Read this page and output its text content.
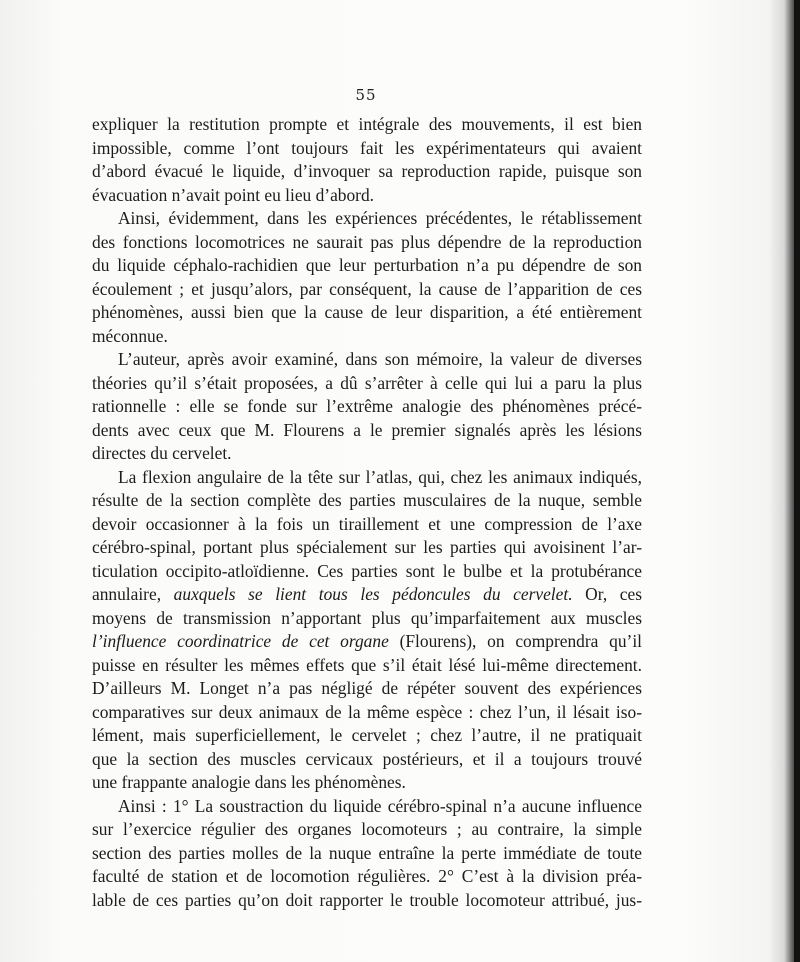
55

expliquer la restitution prompte et intégrale des mouvements, il est bien
impossible, comme l’ont toujours fait les expérimentateurs qui avaient
d’abord évacué le liquide, d’invoquer sa reproduction rapide, puisque son
évacuation n’avait point eu lieu d’abord.

Ainsi, évidemment, dans les expériences précédentes, le rétablissement
des fonctions locomotrices ne saurait pas plus dépendre de la reproduction
du liquide céphalo-rachidien que leur perturbation n’a pu dépendre de son
écoulement ; et jusqu’alors, par conséquent, la cause de l’apparition de ces
phénomènes, aussi bien que la cause de leur disparition, a été entièrement
méconnue.

L’auteur, après avoir examiné, dans son mémoire, la valeur de diverses
théories qu’il s’était proposées, a dû s’arrêter à celle qui lui a paru la plus
rationnelle : elle se fonde sur l’extrême analogie des phénomènes précé-
dents avec ceux que M. Flourens a le premier signalés après les lésions
directes du cervelet.

La flexion angulaire de la tête sur l’atlas, qui, chez les animaux indiqués,
résulte de la section complète des parties musculaires de la nuque, semble
devoir occasionner à la fois un tiraillement et une compression de l’axe
cérébro-spinal, portant plus spécialement sur les parties qui avoisinent l’ar-
ticulation occipito-atloïdienne. Ces parties sont le bulbe et la protubérance
annulaire, auxquels se lient tous les pédoncules du cervelet. Or, ces
moyens de transmission n’apportant plus qu’imparfaitement aux muscles
l’influence coordinatrice de cet organe (Flourens), on comprendra qu’il
puisse en résulter les mêmes effets que s’il était lésé lui-même directement.
D’ailleurs M. Longet n’a pas négligé de répéter souvent des expériences
comparatives sur deux animaux de la même espèce : chez l’un, il lésait iso-
lément, mais superficiellement, le cervelet ; chez l’autre, il ne pratiquait
que la section des muscles cervicaux postérieurs, et il a toujours trouvé
une frappante analogie dans les phénomènes.

Ainsi : 1° La soustraction du liquide cérébro-spinal n’a aucune influence
sur l’exercice régulier des organes locomoteurs ; au contraire, la simple
section des parties molles de la nuque entraîne la perte immédiate de toute
faculté de station et de locomotion régulières. 2° C’est à la division préa-
lable de ces parties qu’on doit rapporter le trouble locomoteur attribué, jus-
